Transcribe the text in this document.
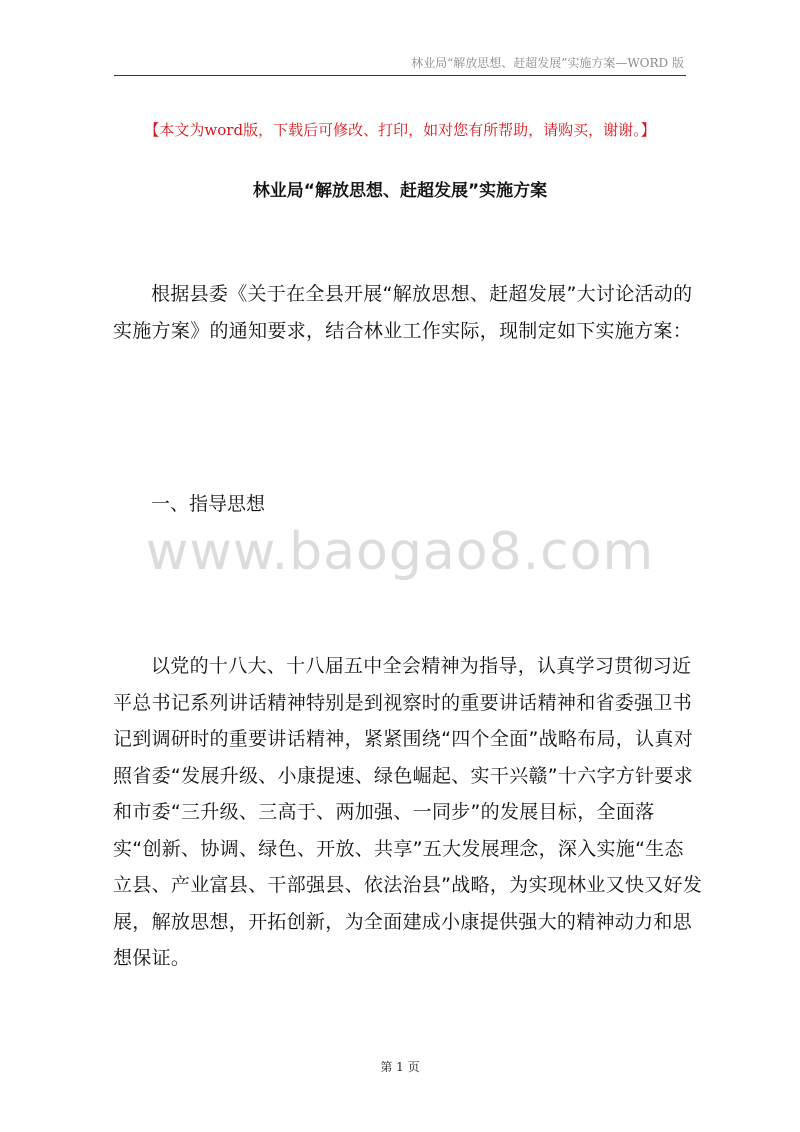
林业局“解放思想、赶超发展”实施方案—WORD 版
【本文为word版，下载后可修改、打印，如对您有所帮助，请购买，谢谢。】
林业局“解放思想、赶超发展”实施方案

根据县委《关于在全县开展“解放思想、赶超发展”大讨论活动的实施方案》的通知要求，结合林业工作实际，现制定如下实施方案：

一、指导思想
www.baogao8.com

以党的十八大、十八届五中全会精神为指导，认真学习贯彻习近平总书记系列讲话精神特别是到视察时的重要讲话精神和省委强卫书记到调研时的重要讲话精神，紧紧围绕“四个全面”战略布局，认真对照省委“发展升级、小康提速、绿色崛起、实干兴赣”十六字方针要求和市委“三升级、三高于、两加强、一同步”的发展目标，全面落实“创新、协调、绿色、开放、共享”五大发展理念，深入实施“生态立县、产业富县、干部强县、依法治县”战略，为实现林业又快又好发展，解放思想，开拓创新，为全面建成小康提供强大的精神动力和思想保证。

第 1 页
